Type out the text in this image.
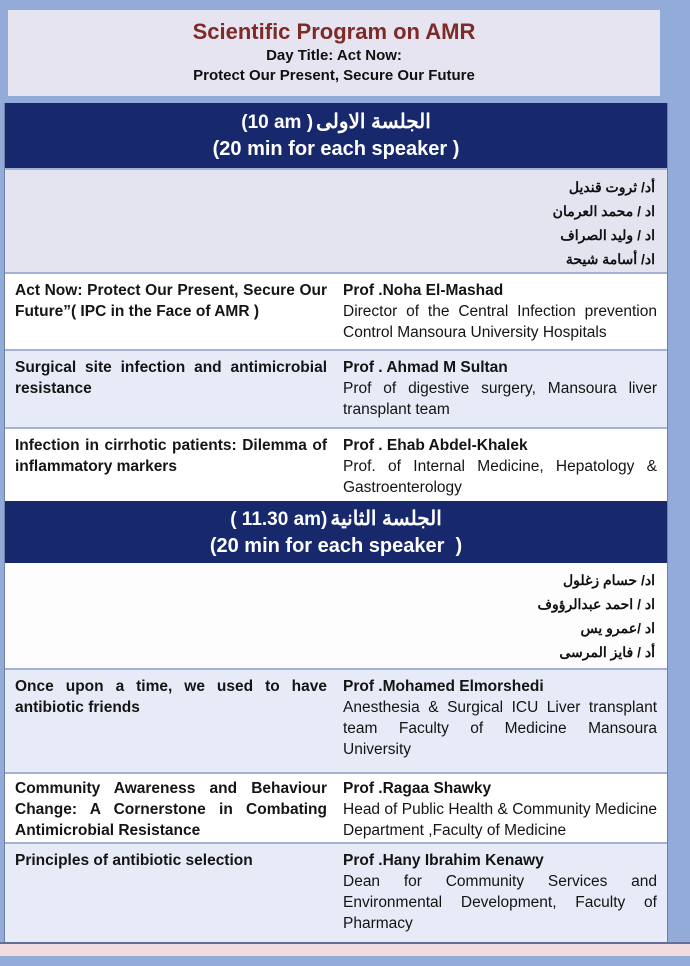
Scientific Program on AMR
Day Title: Act Now:
Protect Our Present, Secure Our Future
(10 am ) الجلسة الاولى
(20 min for each speaker )
أد/ ثروت قنديل
اد / محمد العرمان
اد / وليد الصراف
اد/ أسامة شيحة
Act Now: Protect Our Present, Secure Our Future”( IPC in the Face of AMR )
Prof .Noha El-Mashad
Director of the Central Infection prevention Control Mansoura University Hospitals
Surgical site infection and antimicrobial resistance
Prof . Ahmad M Sultan
Prof of digestive surgery, Mansoura liver transplant team
Infection in cirrhotic patients: Dilemma of inflammatory markers
Prof . Ehab Abdel-Khalek
Prof. of Internal Medicine, Hepatology & Gastroenterology
( 11.30 am) الجلسة الثانية
(20 min for each speaker  )
اد/ حسام زغلول
اد / احمد عبدالرؤوف
اد /عمرو يس
أد / فايز المرسى
Once upon a time, we used to have antibiotic friends
Prof .Mohamed Elmorshedi
Anesthesia & Surgical ICU Liver transplant team Faculty of Medicine Mansoura University
Community Awareness and Behaviour Change: A Cornerstone in Combating Antimicrobial Resistance
Prof .Ragaa Shawky
Head of Public Health & Community Medicine Department ,Faculty of Medicine
Principles of antibiotic selection	Prof .Hany Ibrahim Kenawy
Dean for Community Services and Environmental Development, Faculty of Pharmacy
